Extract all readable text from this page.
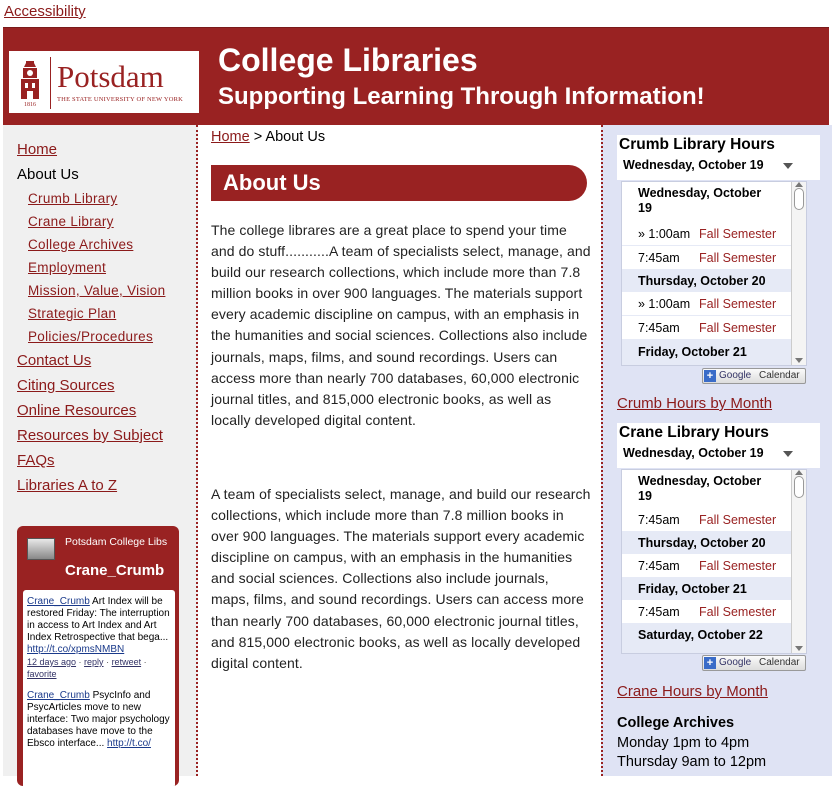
Accessibility
1816
Potsdam
THE STATE UNIVERSITY OF NEW YORK
College Libraries
Supporting Learning Through Information!
Home
About Us
Crumb Library
Crane Library
College Archives
Employment
Mission, Value, Vision
Strategic Plan
Policies/Procedures
Contact Us
Citing Sources
Online Resources
Resources by Subject
FAQs
Libraries A to Z
Potsdam College Libs
Crane_Crumb
Crane_Crumb Art Index will be restored Friday: The interruption in access to Art Index and Art Index Retrospective that bega... http://t.co/xpmsNMBN
12 days ago · reply · retweet · favorite
Crane_Crumb PsycInfo and PsycArticles move to new interface: Two major psychology databases have move to the Ebsco interface... http://t.co/
Home > About Us
About Us

The college librares are a great place to spend your time and do stuff...........A team of specialists select, manage, and build our research collections, which include more than 7.8 million books in over 900 languages. The materials support every academic discipline on campus, with an emphasis in the humanities and social sciences. Collections also include journals, maps, films, and sound recordings. Users can access more than nearly 700 databases, 60,000 electronic journal titles, and 815,000 electronic books, as well as locally developed digital content.

A team of specialists select, manage, and build our research collections, which include more than 7.8 million books in over 900 languages. The materials support every academic discipline on campus, with an emphasis in the humanities and social sciences. Collections also include journals, maps, films, and sound recordings. Users can access more than nearly 700 databases, 60,000 electronic journal titles, and 815,000 electronic books, as well as locally developed digital content.

Crumb Library Hours
Wednesday, October 19
Wednesday, October 19
» 1:00am Fall Semester
7:45am Fall Semester
Thursday, October 20
» 1:00am Fall Semester
7:45am Fall Semester
Friday, October 21
+ Google Calendar
Crumb Hours by Month
Crane Library Hours
Wednesday, October 19
Wednesday, October 19
7:45am Fall Semester
Thursday, October 20
7:45am Fall Semester
Friday, October 21
7:45am Fall Semester
Saturday, October 22
+ Google Calendar
Crane Hours by Month
College Archives
Monday 1pm to 4pm
Thursday 9am to 12pm
